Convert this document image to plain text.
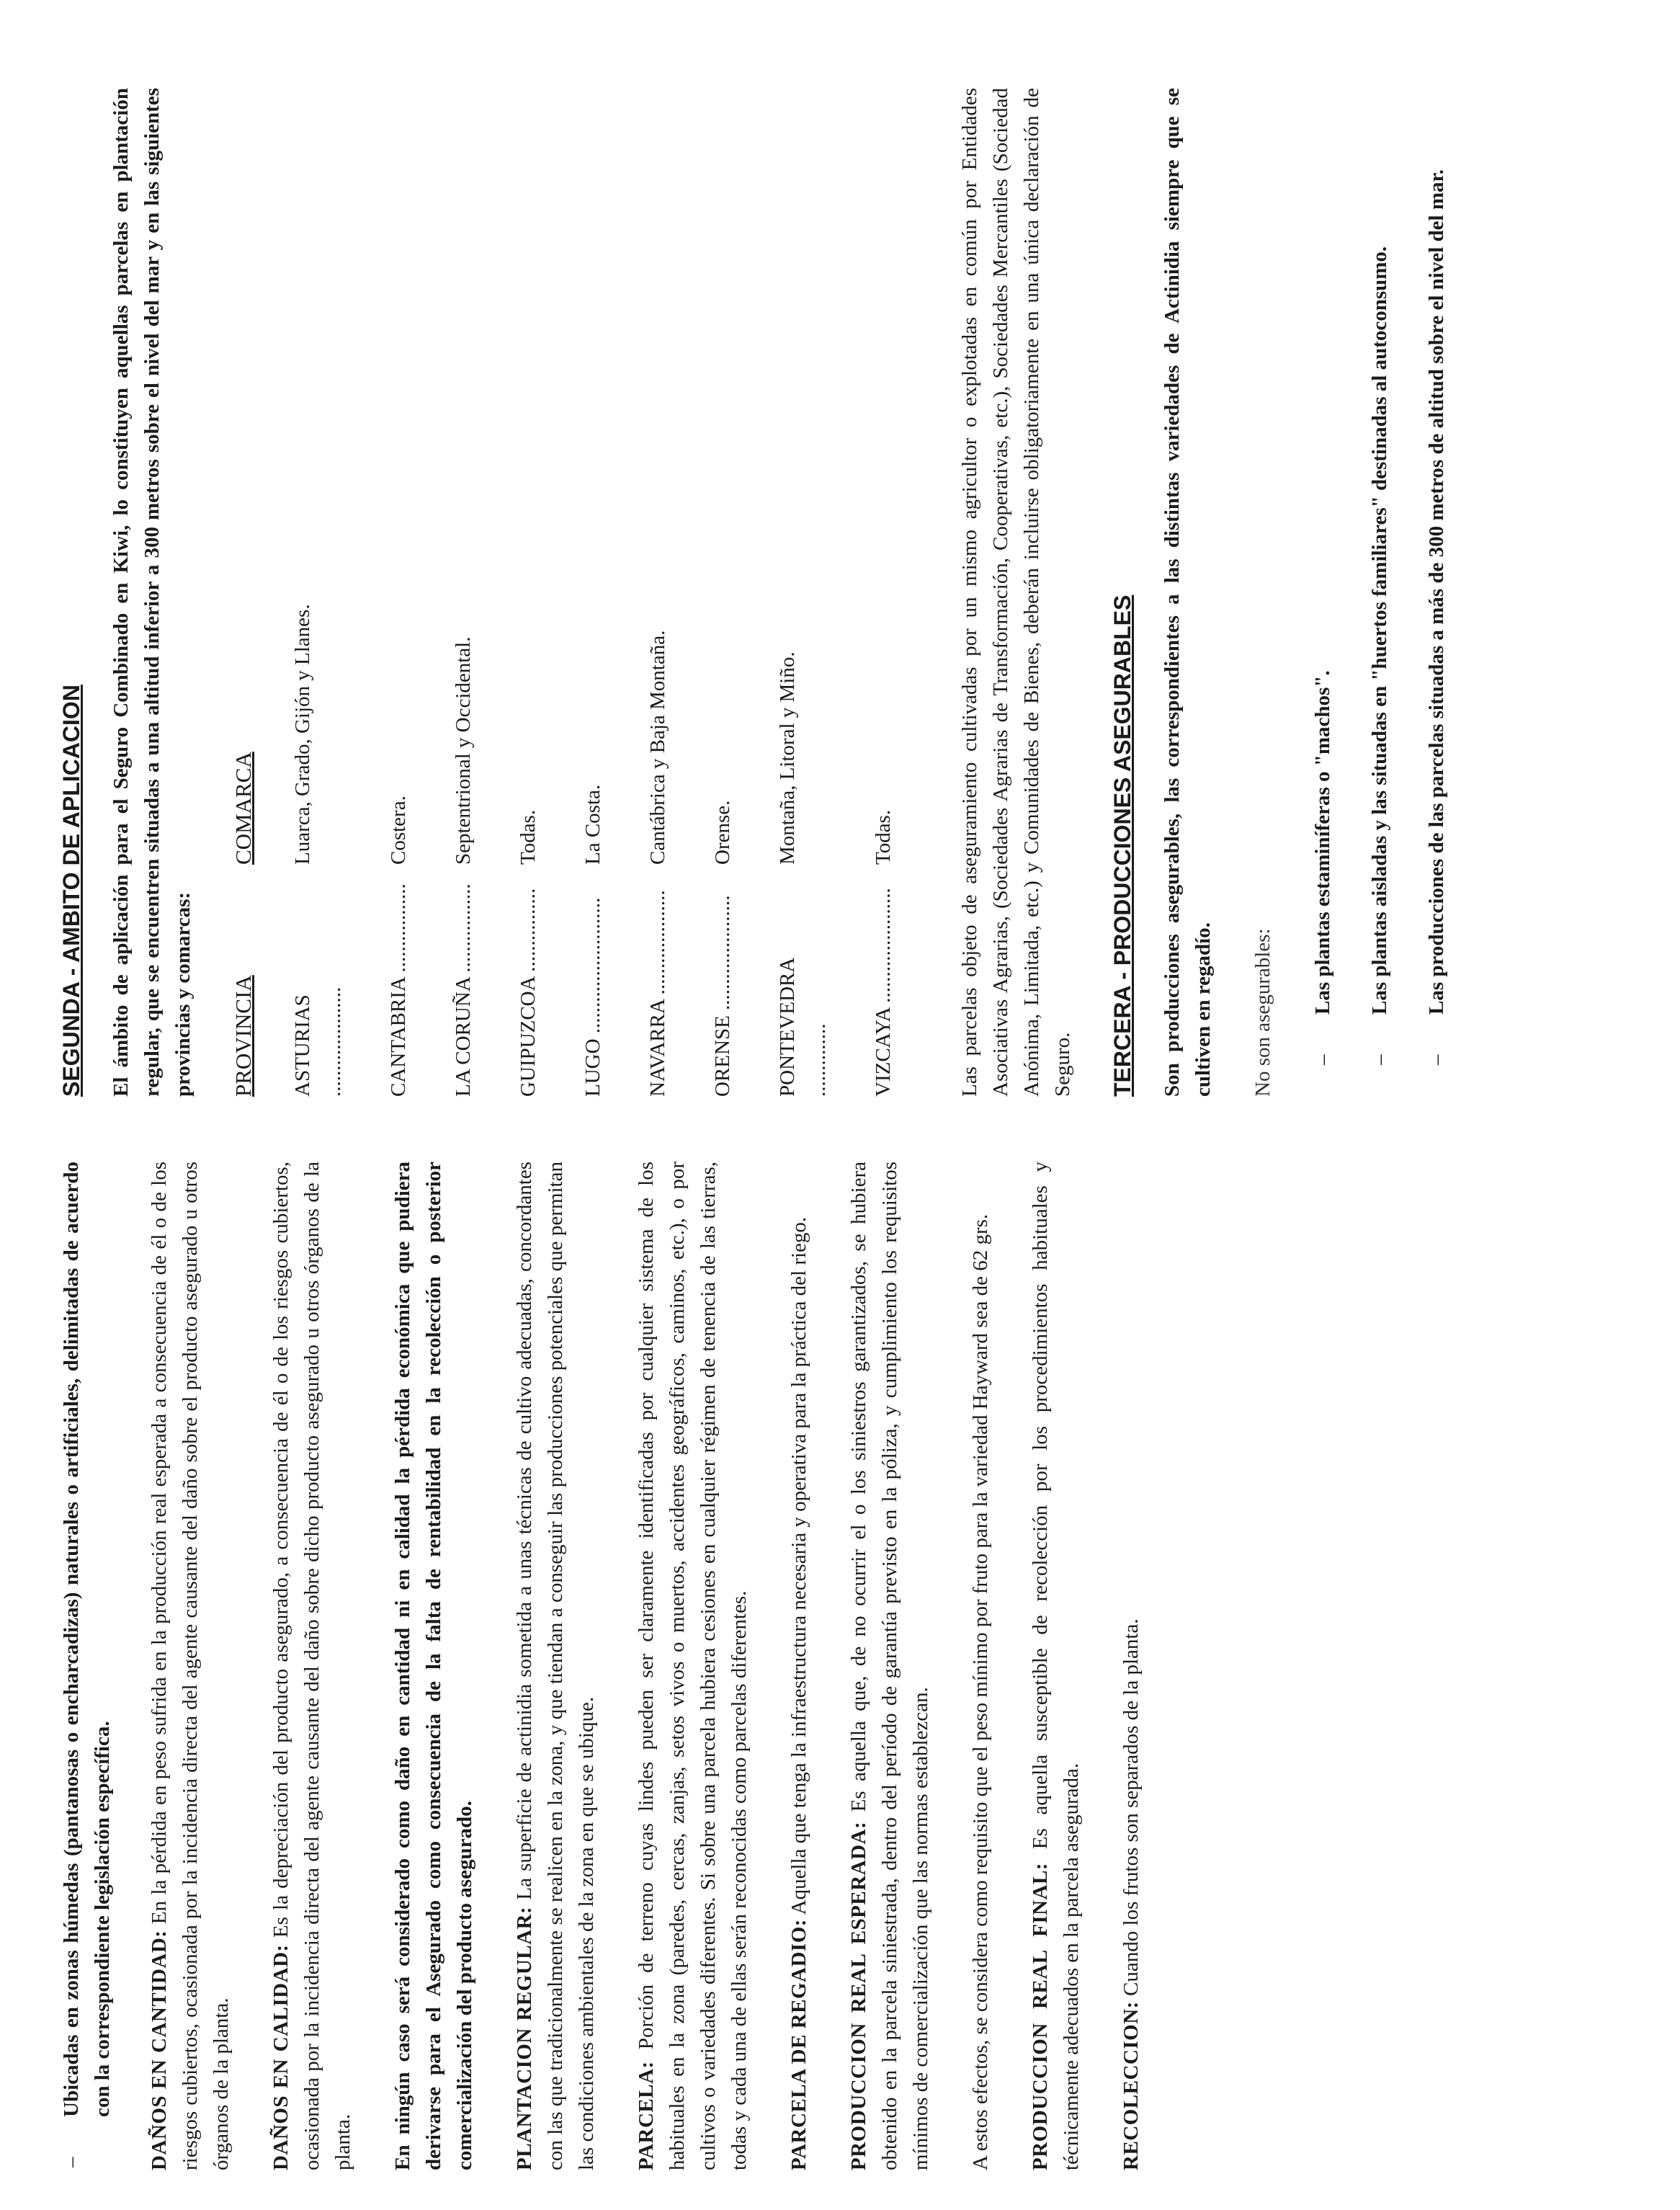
–
Ubicadas en zonas húmedas (pantanosas o encharcadizas) naturales o artificiales, delimitadas de acuerdo con la correspondiente legislación específica. DAÑOS EN CANTIDAD: En la pérdida en peso sufrida en la producción real esperada a consecuencia de él o de los riesgos cubiertos, ocasionada por la incidencia directa del agente causante del daño sobre el producto asegurado u otros órganos de la planta. DAÑOS EN CALIDAD: Es la depreciación del producto asegurado, a consecuencia de él o de los riesgos cubiertos, ocasionada por la incidencia directa del agente causante del daño sobre dicho producto asegurado u otros órganos de la planta. En ningún caso será considerado como daño en cantidad ni en calidad la pérdida económica que pudiera derivarse para el Asegurado como consecuencia de la falta de rentabilidad en la recolección o posterior comercialización del producto asegurado. PLANTACION REGULAR: La superficie de actinidia sometida a unas técnicas de cultivo adecuadas, concordantes con las que tradicionalmente se realicen en la zona, y que tiendan a conseguir las producciones potenciales que permitan las condiciones ambientales de la zona en que se ubique. PARCELA: Porción de terreno cuyas lindes pueden ser claramente identificadas por cualquier sistema de los habituales en la zona (paredes, cercas, zanjas, setos vivos o muertos, accidentes geográficos, caminos, etc.), o por cultivos o variedades diferentes. Si sobre una parcela hubiera cesiones en cualquier régimen de tenencia de las tierras, todas y cada una de ellas serán reconocidas como parcelas diferentes. PARCELA DE REGADIO: Aquella que tenga la infraestructura necesaria y operativa para la práctica del riego.

PRODUCCION REAL ESPERADA: Es aquella que, de no ocurrir el o los siniestros garantizados, se hubiera obtenido en la parcela siniestrada, dentro del período de garantía previsto en la póliza, y cumplimiento los requisitos mínimos de comercialización que las normas establezcan. A estos efectos, se considera como requisito que el peso mínimo por fruto para la variedad Hayward sea de 62 grs. PRODUCCION REAL FINAL: Es aquella susceptible de recolección por los procedimientos habituales y técnicamente adecuados en la parcela asegurada. RECOLECCION: Cuando los frutos son separados de la planta.

SEGUNDA - AMBITO DE APLICACION El ámbito de aplicación para el Seguro Combinado en Kiwi, lo constituyen aquellas parcelas en plantación regular, que se encuentren situadas a una altitud inferior a 300 metros sobre el nivel del mar y en las siguientes provincias y comarcas: PROVINCIA	COMARCA
ASTURIAS .....................	Luarca, Grado, Gijón y Llanes.
CANTABRIA .................	Costera.
LA CORUÑA .................	Septentrional y Occidental.
GUIPUZCOA ................	Todas.
LUGO ..........................	La Costa.
NAVARRA ....................	Cantábrica y Baja Montaña.
ORENSE ......................	Orense.
PONTEVEDRA ..............	Montaña, Litoral y Miño.
VIZCAYA ......................	Todas.	Las parcelas objeto de aseguramiento cultivadas por un mismo agricultor o explotadas en común por Entidades Asociativas Agrarias, (Sociedades Agrarias de Transformación, Cooperativas, etc.), Sociedades Mercantiles (Sociedad Anónima, Limitada, etc.) y Comunidades de Bienes, deberán incluirse obligatoriamente en una única declaración de Seguro. TERCERA - PRODUCCIONES ASEGURABLES Son producciones asegurables, las correspondientes a las distintas variedades de Actinidia siempre que se cultiven en regadío. No son asegurables: –
Las plantas estaminíferas o "machos".
–
Las plantas aisladas y las situadas en "huertos familiares" destinadas al autoconsumo.
–
Las producciones de las parcelas situadas a más de 300 metros de altitud sobre el nivel del mar.
